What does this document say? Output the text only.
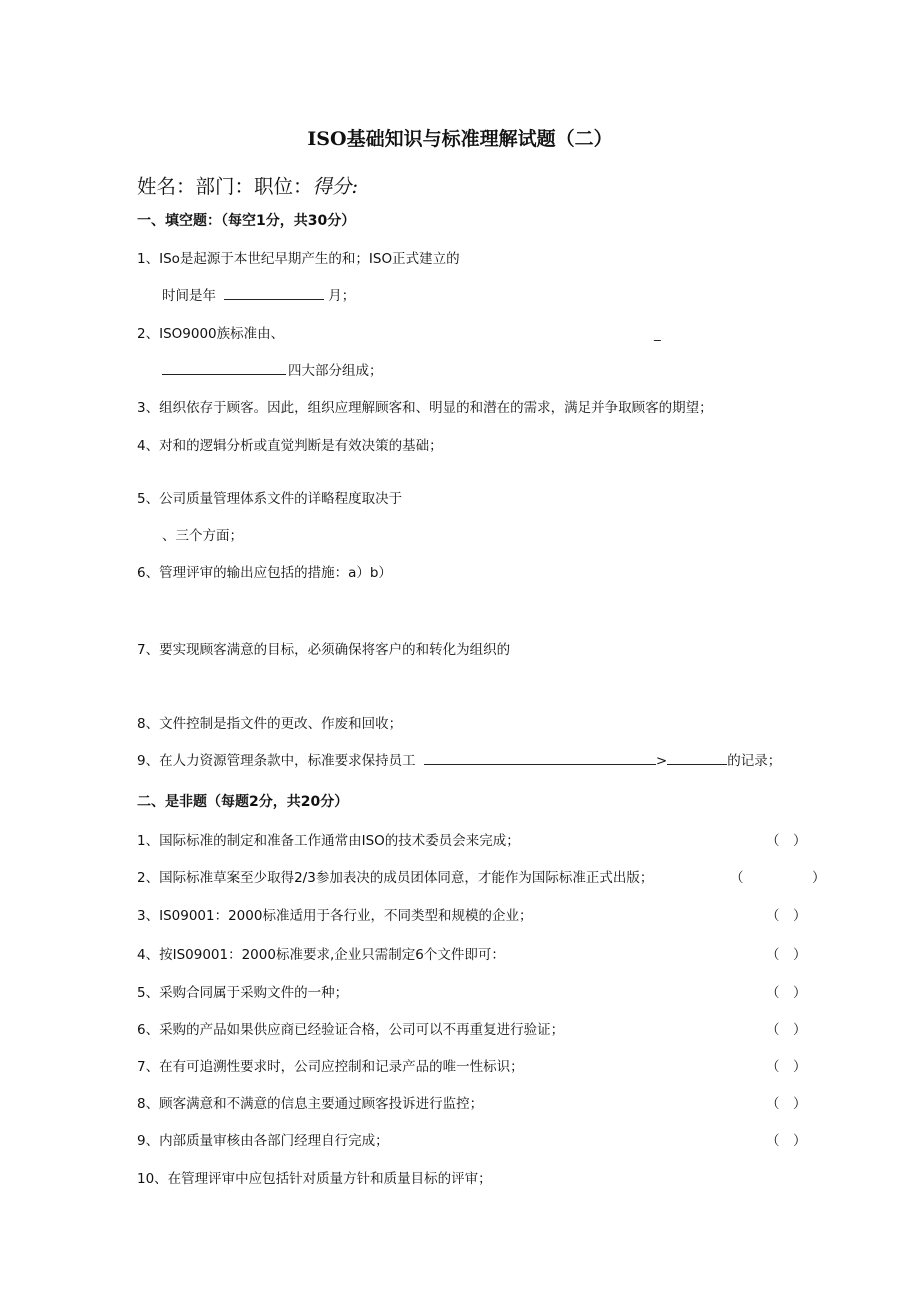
ISO基础知识与标准理解试题（二）
姓名：部门：职位：得分:
一、填空题：（每空1分，共30分）
1、ISo是起源于本世纪早期产生的和；ISO正式建立的
时间是年	月；
2、ISO9000族标准由、	_
四大部分组成；
3、组织依存于顾客。因此，组织应理解顾客和、明显的和潜在的需求，满足并争取顾客的期望；
4、对和的逻辑分析或直觉判断是有效决策的基础；
5、公司质量管理体系文件的详略程度取决于
、三个方面；
6、管理评审的输出应包括的措施：a）b）
7、要实现顾客满意的目标，必须确保将客户的和转化为组织的
8、文件控制是指文件的更改、作废和回收；
9、在人力资源管理条款中，标准要求保持员工	>	的记录；
二、是非题（每题2分，共20分）
1、国际标准的制定和准备工作通常由ISO的技术委员会来完成；	（　）
2、国际标准草案至少取得2/3参加表决的成员团体同意，才能作为国际标准正式出版；	（	）
3、IS09001：2000标准适用于各行业，不同类型和规模的企业；	（　）
4、按IS09001：2000标准要求,企业只需制定6个文件即可：	（　）
5、采购合同属于采购文件的一种；	（　）
6、采购的产品如果供应商已经验证合格，公司可以不再重复进行验证；	（　）
7、在有可追溯性要求时，公司应控制和记录产品的唯一性标识；	（　）
8、顾客满意和不满意的信息主要通过顾客投诉进行监控；	（　）
9、内部质量审核由各部门经理自行完成；	（　）
10、在管理评审中应包括针对质量方针和质量目标的评审；
